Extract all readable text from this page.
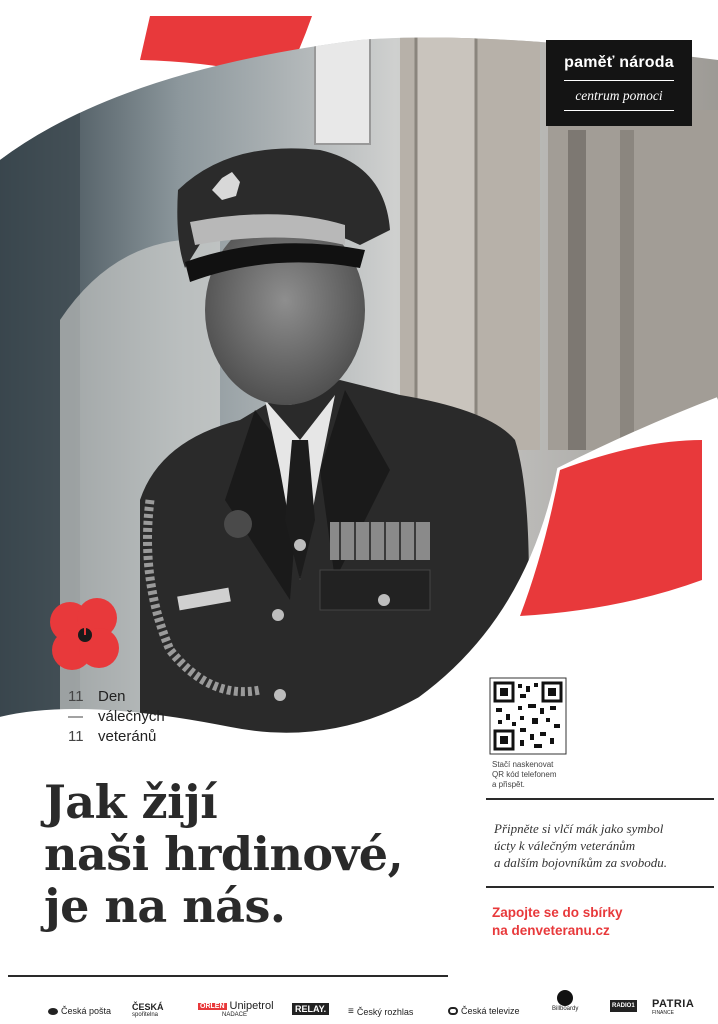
paměť národa
centrum pomoci
11 Den
—	válečných
11 veteránů
Jak žijí
naši hrdinové,
je na nás.
Stačí naskenovat
QR kód telefonem
a přispět.
Připněte si vlčí mák jako symbol
úcty k válečným veteránům
a dalším bojovníkům za svobodu.
Zapojte se do sbírky
na denveteranu.cz
Česká pošta ČESKÁ
spořitelna
ORLEN Unipetrol
NADACE
RELAY.	≡ Český rozhlas	Česká televize	Billboardy	RADIO1 PATRIA
FINANCE
